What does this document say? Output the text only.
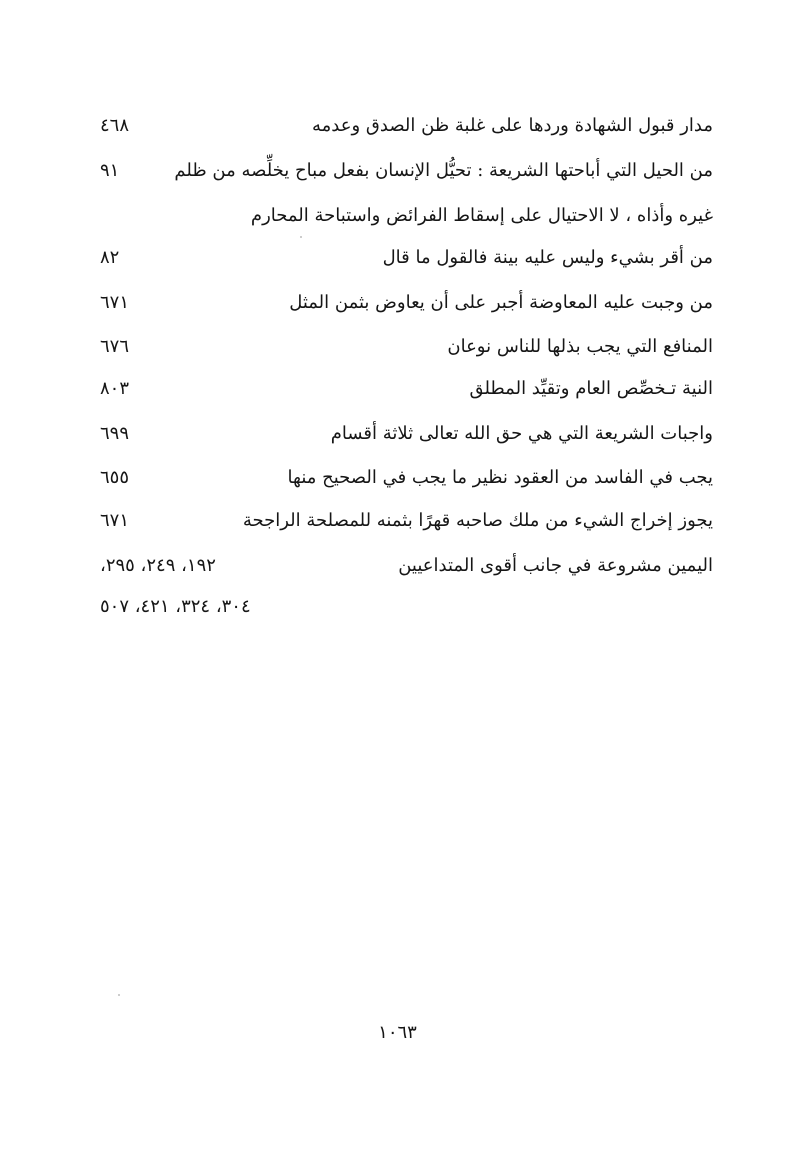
مدار قبول الشهادة وردها على غلبة ظن الصدق وعدمه
٤٦٨
من الحيل التي أباحتها الشريعة : تحيُّل الإنسان بفعل مباح يخلِّصه من ظلم
٩١
غيره وأذاه ، لا الاحتيال على إسقاط الفرائض واستباحة المحارم
من أقر بشيء وليس عليه بينة فالقول ما قال
٨٢
من وجبت عليه المعاوضة أجبر على أن يعاوض بثمن المثل
٦٧١
المنافع التي يجب بذلها للناس نوعان
٦٧٦
النية تـخصِّص العام وتقيِّد المطلق
٨٠٣
واجبات الشريعة التي هي حق الله تعالى ثلاثة أقسام
٦٩٩
يجب في الفاسد من العقود نظير ما يجب في الصحيح منها
٦٥٥
يجوز إخراج الشيء من ملك صاحبه قهرًا بثمنه للمصلحة الراجحة
٦٧١
اليمين مشروعة في جانب أقوى المتداعيين
١٩٢، ٢٤٩، ٢٩٥،
٣٠٤، ٣٢٤، ٤٢١، ٥٠٧
١٠٦٣
